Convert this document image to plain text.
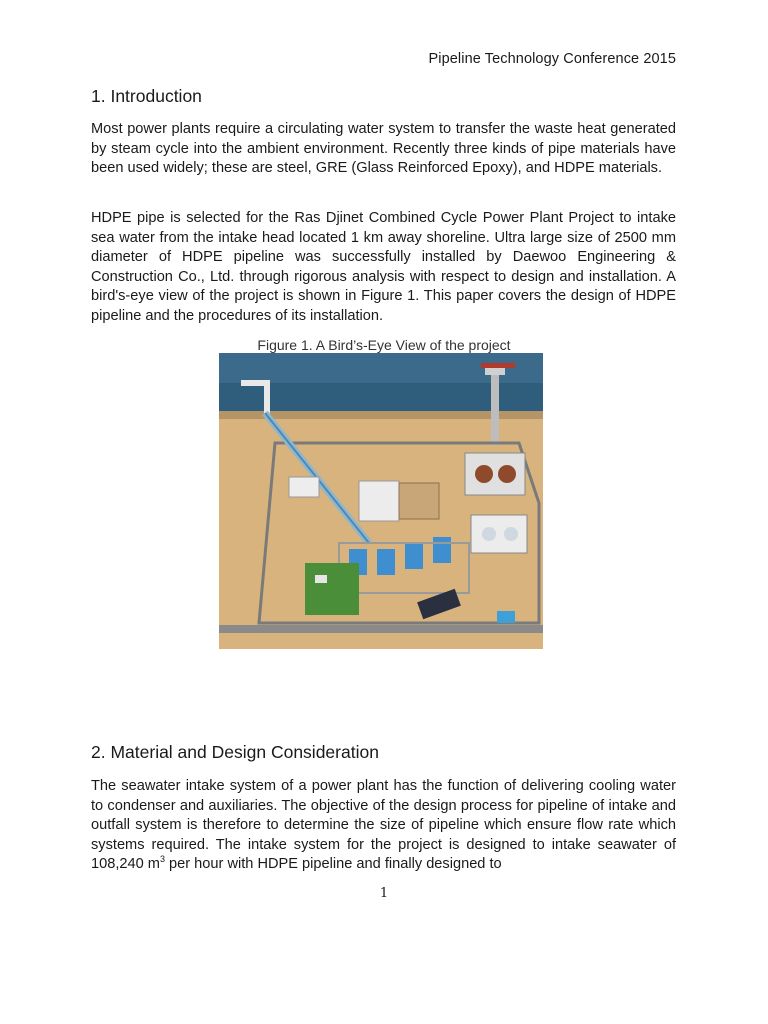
Pipeline Technology Conference 2015
1. Introduction

Most power plants require a circulating water system to transfer the waste heat generated by steam cycle into the ambient environment. Recently three kinds of pipe materials have been used widely; these are steel, GRE (Glass Reinforced Epoxy), and HDPE materials.

HDPE pipe is selected for the Ras Djinet Combined Cycle Power Plant Project to intake sea water from the intake head located 1 km away shoreline. Ultra large size of 2500 mm diameter of HDPE pipeline was successfully installed by Daewoo Engineering & Construction Co., Ltd. through rigorous analysis with respect to design and installation. A bird's-eye view of the project is shown in Figure 1. This paper covers the design of HDPE pipeline and the procedures of its installation.

Figure 1. A Bird’s-Eye View of the project
2. Material and Design Consideration

The seawater intake system of a power plant has the function of delivering cooling water to condenser and auxiliaries. The objective of the design process for pipeline of intake and outfall system is therefore to determine the size of pipeline which ensure flow rate which systems required. The intake system for the project is designed to intake seawater of 108,240 $m^3$ per hour with HDPE pipeline and finally designed to

1
